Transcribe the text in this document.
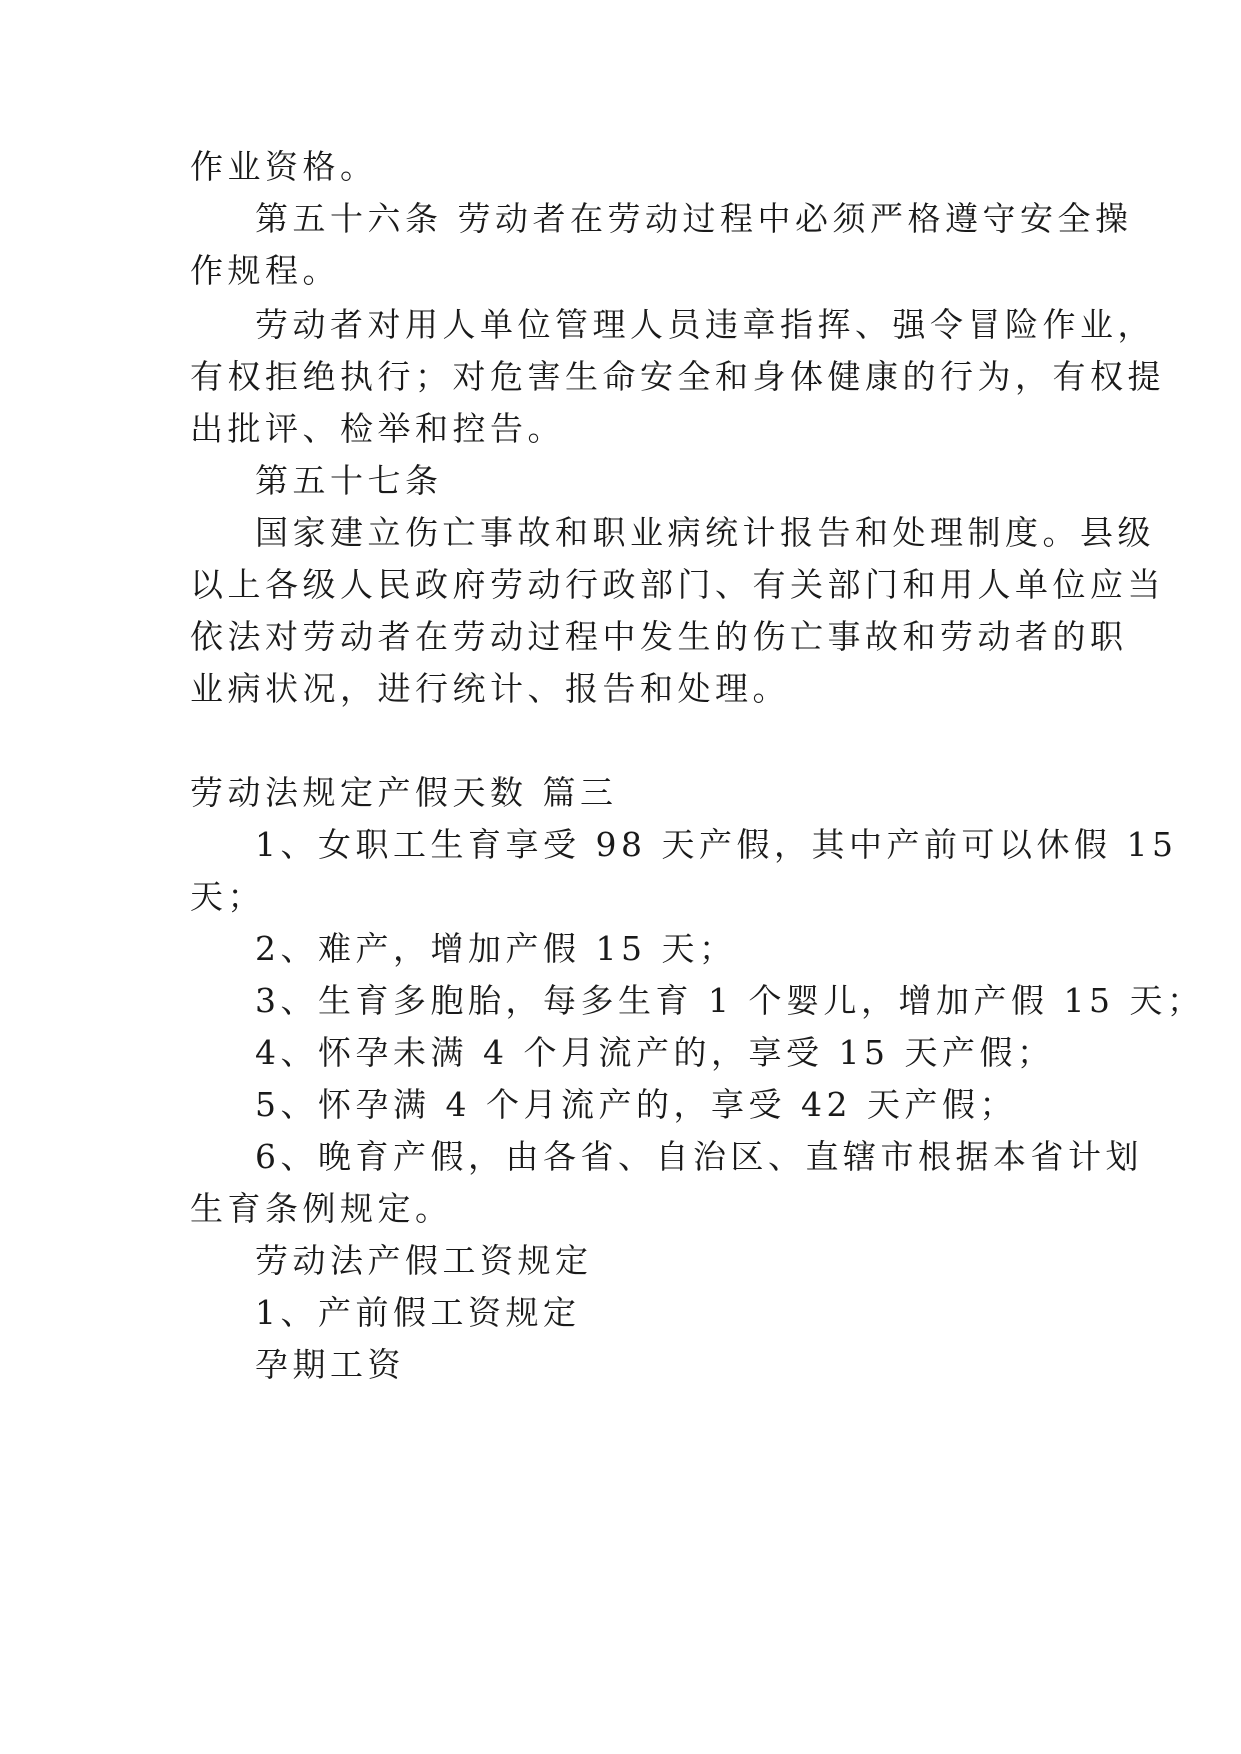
作业资格。
第五十六条 劳动者在劳动过程中必须严格遵守安全操
作规程。
劳动者对用人单位管理人员违章指挥、强令冒险作业，
有权拒绝执行；对危害生命安全和身体健康的行为，有权提
出批评、检举和控告。
第五十七条
国家建立伤亡事故和职业病统计报告和处理制度。县级
以上各级人民政府劳动行政部门、有关部门和用人单位应当
依法对劳动者在劳动过程中发生的伤亡事故和劳动者的职
业病状况，进行统计、报告和处理。
劳动法规定产假天数 篇三
1、女职工生育享受 98 天产假，其中产前可以休假 15
天；
2、难产，增加产假 15 天；
3、生育多胞胎，每多生育 1 个婴儿，增加产假 15 天；
4、怀孕未满 4 个月流产的，享受 15 天产假；
5、怀孕满 4 个月流产的，享受 42 天产假；
6、晚育产假，由各省、自治区、直辖市根据本省计划
生育条例规定。
劳动法产假工资规定
1、产前假工资规定
孕期工资
